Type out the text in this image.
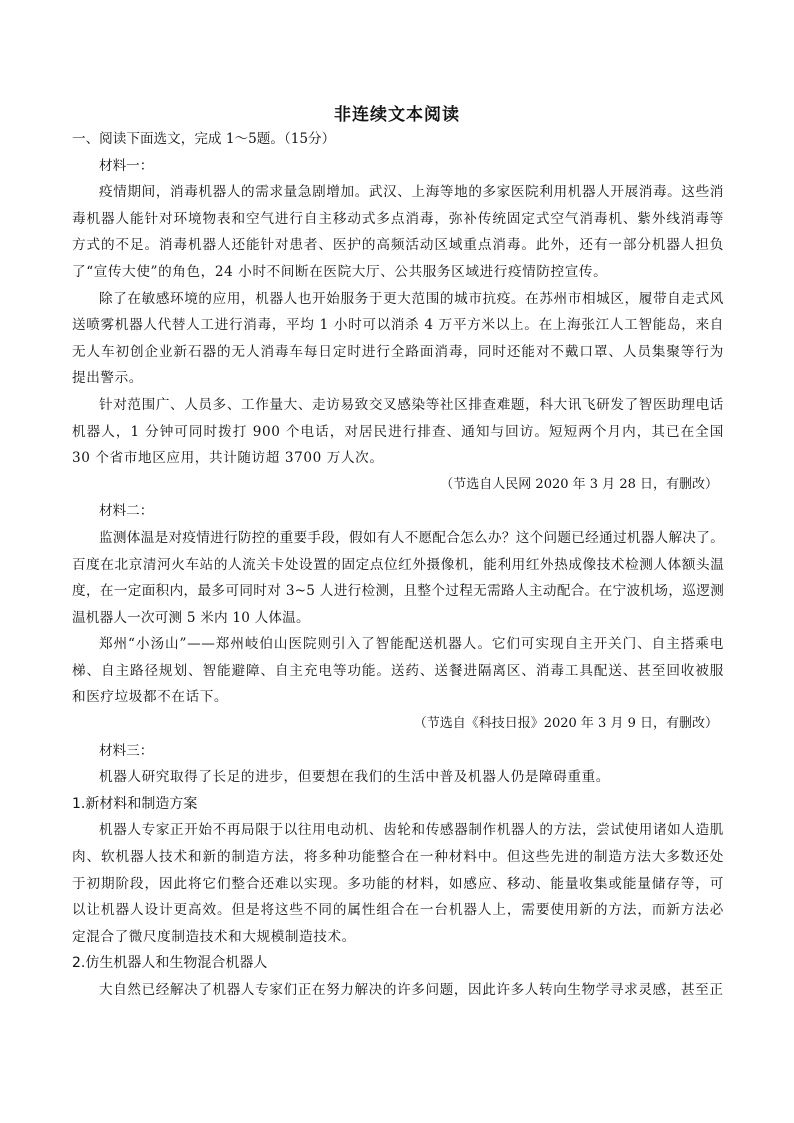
非连续文本阅读

一、阅读下面选文，完成 1～5题。（15分）

材料一：

疫情期间，消毒机器人的需求量急剧增加。武汉、上海等地的多家医院利用机器人开展消毒。这些消毒机器人能针对环境物表和空气进行自主移动式多点消毒，弥补传统固定式空气消毒机、紫外线消毒等方式的不足。消毒机器人还能针对患者、医护的高频活动区域重点消毒。此外，还有一部分机器人担负了“宣传大使”的角色，24 小时不间断在医院大厅、公共服务区域进行疫情防控宣传。

除了在敏感环境的应用，机器人也开始服务于更大范围的城市抗疫。在苏州市相城区，履带自走式风送喷雾机器人代替人工进行消毒，平均 1 小时可以消杀 4 万平方米以上。在上海张江人工智能岛，来自无人车初创企业新石器的无人消毒车每日定时进行全路面消毒，同时还能对不戴口罩、人员集聚等行为提出警示。

针对范围广、人员多、工作量大、走访易致交叉感染等社区排查难题，科大讯飞研发了智医助理电话机器人，1 分钟可同时拨打 900 个电话，对居民进行排查、通知与回访。短短两个月内，其已在全国 30 个省市地区应用，共计随访超 3700 万人次。

（节选自人民网 2020 年 3 月 28 日，有删改）

材料二：

监测体温是对疫情进行防控的重要手段，假如有人不愿配合怎么办？这个问题已经通过机器人解决了。百度在北京清河火车站的人流关卡处设置的固定点位红外摄像机，能利用红外热成像技术检测人体额头温度，在一定面积内，最多可同时对 3~5 人进行检测，且整个过程无需路人主动配合。在宁波机场，巡逻测温机器人一次可测 5 米内 10 人体温。

郑州“小汤山”——郑州岐伯山医院则引入了智能配送机器人。它们可实现自主开关门、自主搭乘电梯、自主路径规划、智能避障、自主充电等功能。送药、送餐进隔离区、消毒工具配送、甚至回收被服和医疗垃圾都不在话下。

（节选自《科技日报》2020 年 3 月 9 日，有删改）

材料三：

机器人研究取得了长足的进步，但要想在我们的生活中普及机器人仍是障碍重重。

1.新材料和制造方案

机器人专家正开始不再局限于以往用电动机、齿轮和传感器制作机器人的方法，尝试使用诸如人造肌肉、软机器人技术和新的制造方法，将多种功能整合在一种材料中。但这些先进的制造方法大多数还处于初期阶段，因此将它们整合还难以实现。多功能的材料，如感应、移动、能量收集或能量储存等，可以让机器人设计更高效。但是将这些不同的属性组合在一台机器人上，需要使用新的方法，而新方法必定混合了微尺度制造技术和大规模制造技术。

2.仿生机器人和生物混合机器人

大自然已经解决了机器人专家们正在努力解决的许多问题，因此许多人转向生物学寻求灵感，甚至正
